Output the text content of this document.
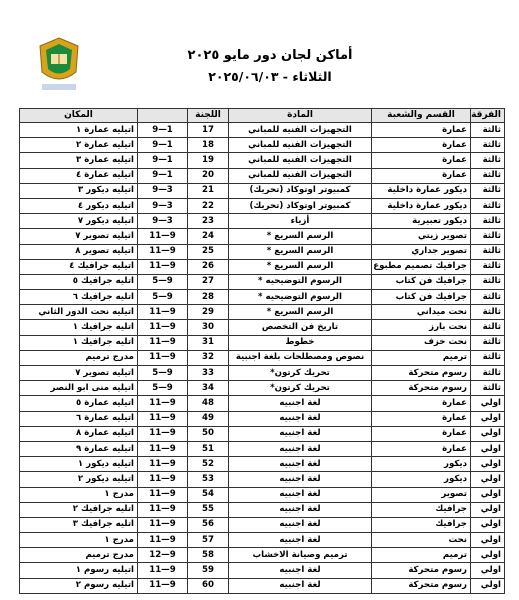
أماكن لجان دور مايو ٢٠٢٥
الثلاثاء - ٢٠٢٥/٠٦/٠٣
الفرقة	القسم والشعبة	المادة	اللجنة		المكان
ثالثة	عمارة	التجهيزات الفنيه للمباني	17	9—1	اتيليه عمارة ١
ثالثة	عمارة	التجهيزات الفنيه للمباني	18	9—1	اتيليه عمارة ٢
ثالثة	عمارة	التجهيزات الفنيه للمباني	19	9—1	اتيليه عمارة ٣
ثالثة	عمارة	التجهيزات الفنيه للمباني	20	9—1	اتيليه عمارة ٤
ثالثة	ديكور عمارة داخلية	كمبيوتر اوتوكاد (تحريك)	21	9—3	اتيليه ديكور ٣
ثالثة	ديكور عمارة داخلية	كمبيوتر اوتوكاد (تحريك)	22	9—3	اتيليه ديكور ٤
ثالثة	ديكور تعبيرية	أزياء	23	9—3	اتيليه ديكور ٧
ثالثة	تصوير زيتي	الرسم السريع *	24	11—9	اتيليه تصوير ٧
ثالثة	تصوير جداري	الرسم السريع *	25	11—9	اتيليه تصوير ٨
ثالثة	جرافيك تصميم مطبوع	الرسم السريع *	26	11—9	اتيليه جرافيك ٤
ثالثة	جرافيك فن كتاب	الرسوم التوضيحيه *	27	5—9	اتليه جرافيك ٥
ثالثة	جرافيك فن كتاب	الرسوم التوضيحيه *	28	5—9	اتليه جرافيك ٦
ثالثة	نحت ميداني	الرسم السريع *	29	11—9	اتيليه نحت الدور الثاني
ثالثة	نحت بارز	تاريخ فن التخصص	30	11—9	اتليه جرافيك ١
ثالثة	نحت خزف	خطوط	31	11—9	اتليه جرافيك ١
ثالثة	ترميم	نصوص ومصطلحات بلغة اجنبية	32	11—9	مدرج ترميم
ثالثة	رسوم متحركة	تحريك كرتون*	33	5—9	اتيليه تصوير ٧
ثالثة	رسوم متحركة	تحريك كرتون*	34	5—9	اتيليه منى ابو النصر
اولي	عمارة	لغة اجنبيه	48	11—9	اتيليه عمارة ٥
اولي	عمارة	لغة اجنبيه	49	11—9	اتيليه عمارة ٦
اولي	عمارة	لغة اجنبيه	50	11—9	اتيليه عمارة ٨
اولي	عمارة	لغة اجنبيه	51	11—9	اتيليه عمارة ٩
اولي	ديكور	لغة اجنبيه	52	11—9	اتيليه ديكور ١
اولي	ديكور	لغة اجنبيه	53	11—9	اتيليه ديكور ٢
اولي	تصوير	لغة اجنبيه	54	11—9	مدرج ١
اولي	جرافيك	لغة اجنبيه	55	11—9	اتليه جرافيك ٢
اولي	جرافيك	لغة اجنبيه	56	11—9	اتليه جرافيك ٣
اولي	نحت	لغة اجنبيه	57	11—9	مدرج ١
اولي	ترميم	ترميم وصيانة الاخشاب	58	12—9	مدرج ترميم
اولي	رسوم متحركة	لغة اجنبيه	59	11—9	اتيليه رسوم ١
اولي	رسوم متحركة	لغة اجنبيه	60	11—9	اتيليه رسوم ٢
